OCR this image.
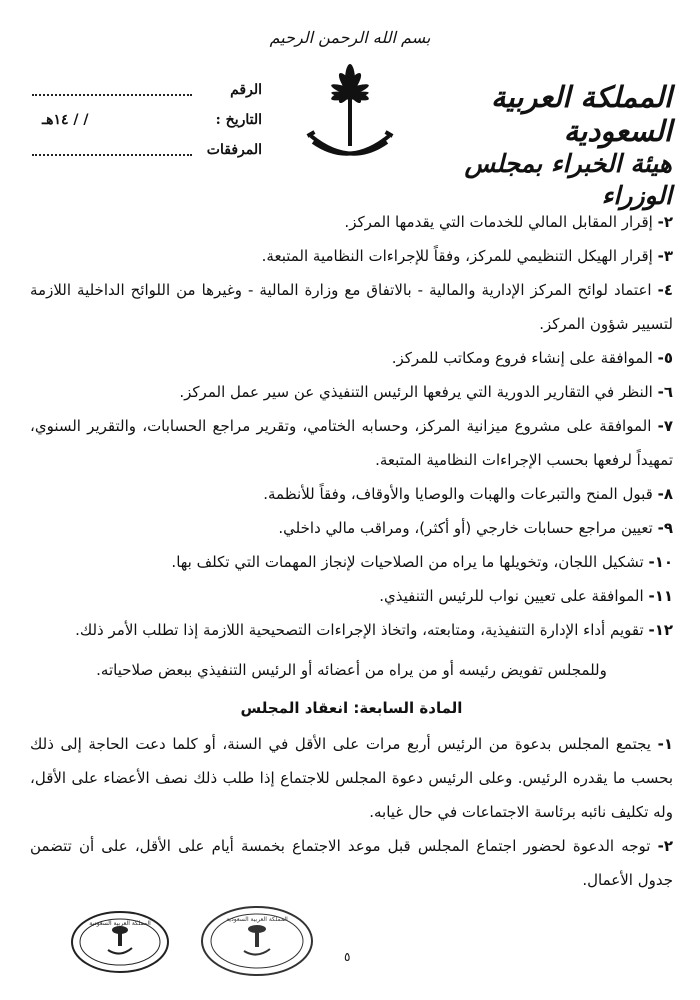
بسم الله الرحمن الرحيم
المملكة العربية السعودية
هيئة الخبراء بمجلس الوزراء
الرقم
التاريخ :
١٤هـ / /
المرفقات

٢- إقرار المقابل المالي للخدمات التي يقدمها المركز.

٣- إقرار الهيكل التنظيمي للمركز، وفقاً للإجراءات النظامية المتبعة.

٤- اعتماد لوائح المركز الإدارية والمالية - بالاتفاق مع وزارة المالية - وغيرها من اللوائح الداخلية اللازمة لتسيير شؤون المركز.

٥- الموافقة على إنشاء فروع ومكاتب للمركز.

٦- النظر في التقارير الدورية التي يرفعها الرئيس التنفيذي عن سير عمل المركز.

٧- الموافقة على مشروع ميزانية المركز، وحسابه الختامي، وتقرير مراجع الحسابات، والتقرير السنوي، تمهيداً لرفعها بحسب الإجراءات النظامية المتبعة.

٨- قبول المنح والتبرعات والهبات والوصايا والأوقاف، وفقاً للأنظمة.

٩- تعيين مراجع حسابات خارجي (أو أكثر)، ومراقب مالي داخلي.

١٠- تشكيل اللجان، وتخويلها ما يراه من الصلاحيات لإنجاز المهمات التي تكلف بها.

١١- الموافقة على تعيين نواب للرئيس التنفيذي.

١٢- تقويم أداء الإدارة التنفيذية، ومتابعته، واتخاذ الإجراءات التصحيحية اللازمة إذا تطلب الأمر ذلك.

وللمجلس تفويض رئيسه أو من يراه من أعضائه أو الرئيس التنفيذي ببعض صلاحياته.

المادة السابعة: انعقاد المجلس

١- يجتمع المجلس بدعوة من الرئيس أربع مرات على الأقل في السنة، أو كلما دعت الحاجة إلى ذلك بحسب ما يقدره الرئيس. وعلى الرئيس دعوة المجلس للاجتماع إذا طلب ذلك نصف الأعضاء على الأقل، وله تكليف نائبه برئاسة الاجتماعات في حال غيابه.

٢- توجه الدعوة لحضور اجتماع المجلس قبل موعد الاجتماع بخمسة أيام على الأقل، على أن تتضمن جدول الأعمال.

المملكة العربية السعودية
المملكة العربية السعودية
٥
